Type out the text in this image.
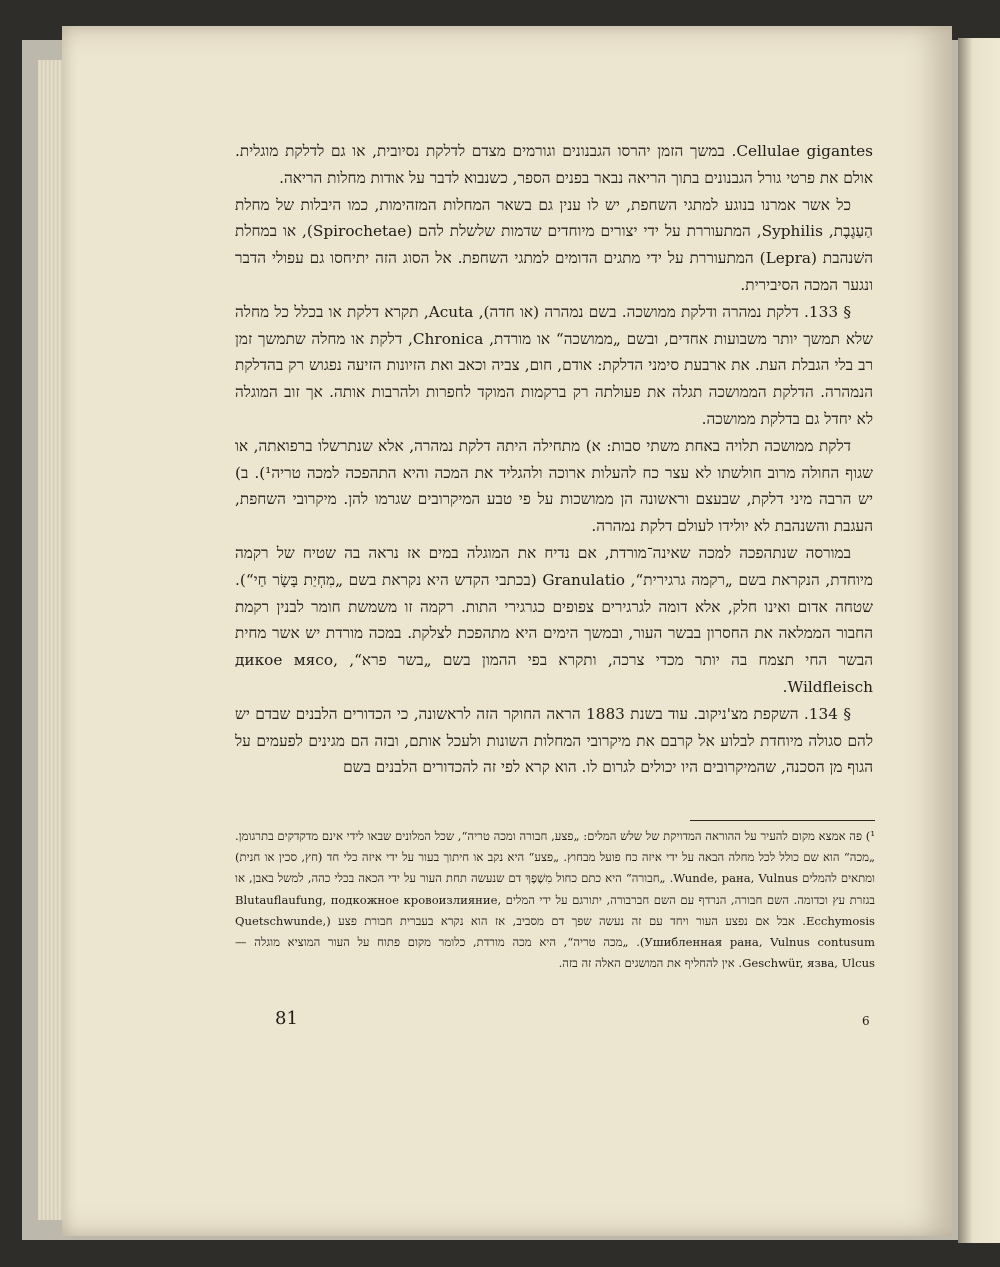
Cellulae gigantes. במשך הזמן יהרסו הגבנונים וגורמים מצדם לדלקת נסיובית, או גם לדלקת מוגלית. אולם את פרטי גורל הגבנונים בתוך הריאה נבאר בפנים הספר, כשנבוא לדבר על אודות מחלות הריאה.

כל אשר אמרנו בנוגע למתגי השחפת, יש לו ענין גם בשאר המחלות המזהימות, כמו היבלות של מחלת הַעַגֶבֶת, Syphilis, המתעוררת על ידי יצורים מיוחדים שדמות שלשלת להם (Spirochetae), או במחלת השׁנהבת (Lepra) המתעוררת על ידי מתגים הדומים למתגי השחפת. אל הסוג הזה יתיחסו גם עפולי הדבר ונגער המכה הסיבירית.

§ 133. דלקת נמהרה ודלקת ממושכה. בשם נמהרה (או חדה), Acuta, תקרא דלקת או בכלל כל מחלה שלא תמשך יותר משבועות אחדים, ובשם „ממושכה“ או מורדת, Chronica, דלקת או מחלה שתמשך זמן רב בלי הגבלת העת. את ארבעת סימני הדלקת: אודם, חום, צביה וכאב ואת הזיונות הזיעה נפגוש רק בהדלקת הנמהרה. הדלקת הממושכה תגלה את פעולתה רק ברקמות המוקד לחפרות ולהרבות אותה. אך זוב המוגלה לא יחדל גם בדלקת ממושכה.

דלקת ממושכה תלויה באחת משתי סבות: א) מתחילה היתה דלקת נמהרה, אלא שנתרשלו ברפואתה, או שגוף החולה מרוב חולשתו לא עצר כח להעלות ארוכה ולהגליד את המכה והיא התהפכה למכה טריה¹). ב) יש הרבה מיני דלקת, שבעצם וראשונה הן ממושכות על פי טבע המיקרובים שגרמו להן. מיקרובי השחפת, העגבת והשנהבת לא יולידו לעולם דלקת נמהרה.

במורסה שנתהפכה למכה שאינה־מורדת, אם נדיח את המוגלה במים אז נראה בה שטיח של רקמה מיוחדת, הנקראת בשם „רקמה גרגירית“, Granulatio (בכתבי הקדש היא נקראת בשם „מִחְיַת בָּשָׂר חַי“). שטחה אדום ואינו חלק, אלא דומה לגרגירים צפופים כגרגירי התות. רקמה זו משמשת חומר לבנין רקמת החבור הממלאה את החסרון בבשר העור, ובמשך הימים היא מתהפכת לצלקת. במכה מורדת יש אשר מחית הבשר החי תצמח בה יותר מכדי צרכה, ותקרא בפי ההמון בשם „בשר פרא“, дикое мясо, Wildfleisch.

§ 134. השקפת מצ'ניקוב. עוד בשנת 1883 הראה החוקר הזה לראשונה, כי הכדורים הלבנים שבדם יש להם סגולה מיוחדת לבלוע אל קרבם את מיקרובי המחלות השונות ולעכל אותם, ובזה הם מגינים לפעמים על הגוף מן הסכנה, שהמיקרובים היו יכולים לגרום לו. הוא קרא לפי זה להכדורים הלבנים בשם

¹) פה אמצא מקום להעיר על ההוראה המדויקת של שלש המלים: „פצע, חבורה ומכה טריה“, שכל המלונים שבאו לידי אינם מדקדקים בתרגומן. „מכה“ הוא שם כולל לכל מחלה הבאה על ידי איזה כח פועל מבחוץ. „פצע“ היא נקב או חיתוך בעור על ידי איזה כלי חד (חץ, סכין או חנית) ומתאים להמלים Wunde, рана, Vulnus. „חבורה“ היא כתם כחול מִשֶׁפֶךְ דם שנעשה תחת העור על ידי הכאה בכלי כהה, למשל באבן, או בגזרת עץ וכדומה. השם חבורה, הנרדף עם השם חברבורה, יתורגם על ידי המלים Blutauflaufung, подкожное кровоизлияние, Ecchymosis. אבל אם נפצע העור ויחד עם זה נעשה שפך דם מסביב, אז הוא נקרא בעברית חבורת פצע (Quetschwunde, Ушибленная рана, Vulnus contusum). „מכה טריה“, היא מכה מורדת, כלומר מקום פתוח על העור המוציא מוגלה — Geschwür, язва, Ulcus. אין להחליף את המושגים האלה זה בזה.

81	6
